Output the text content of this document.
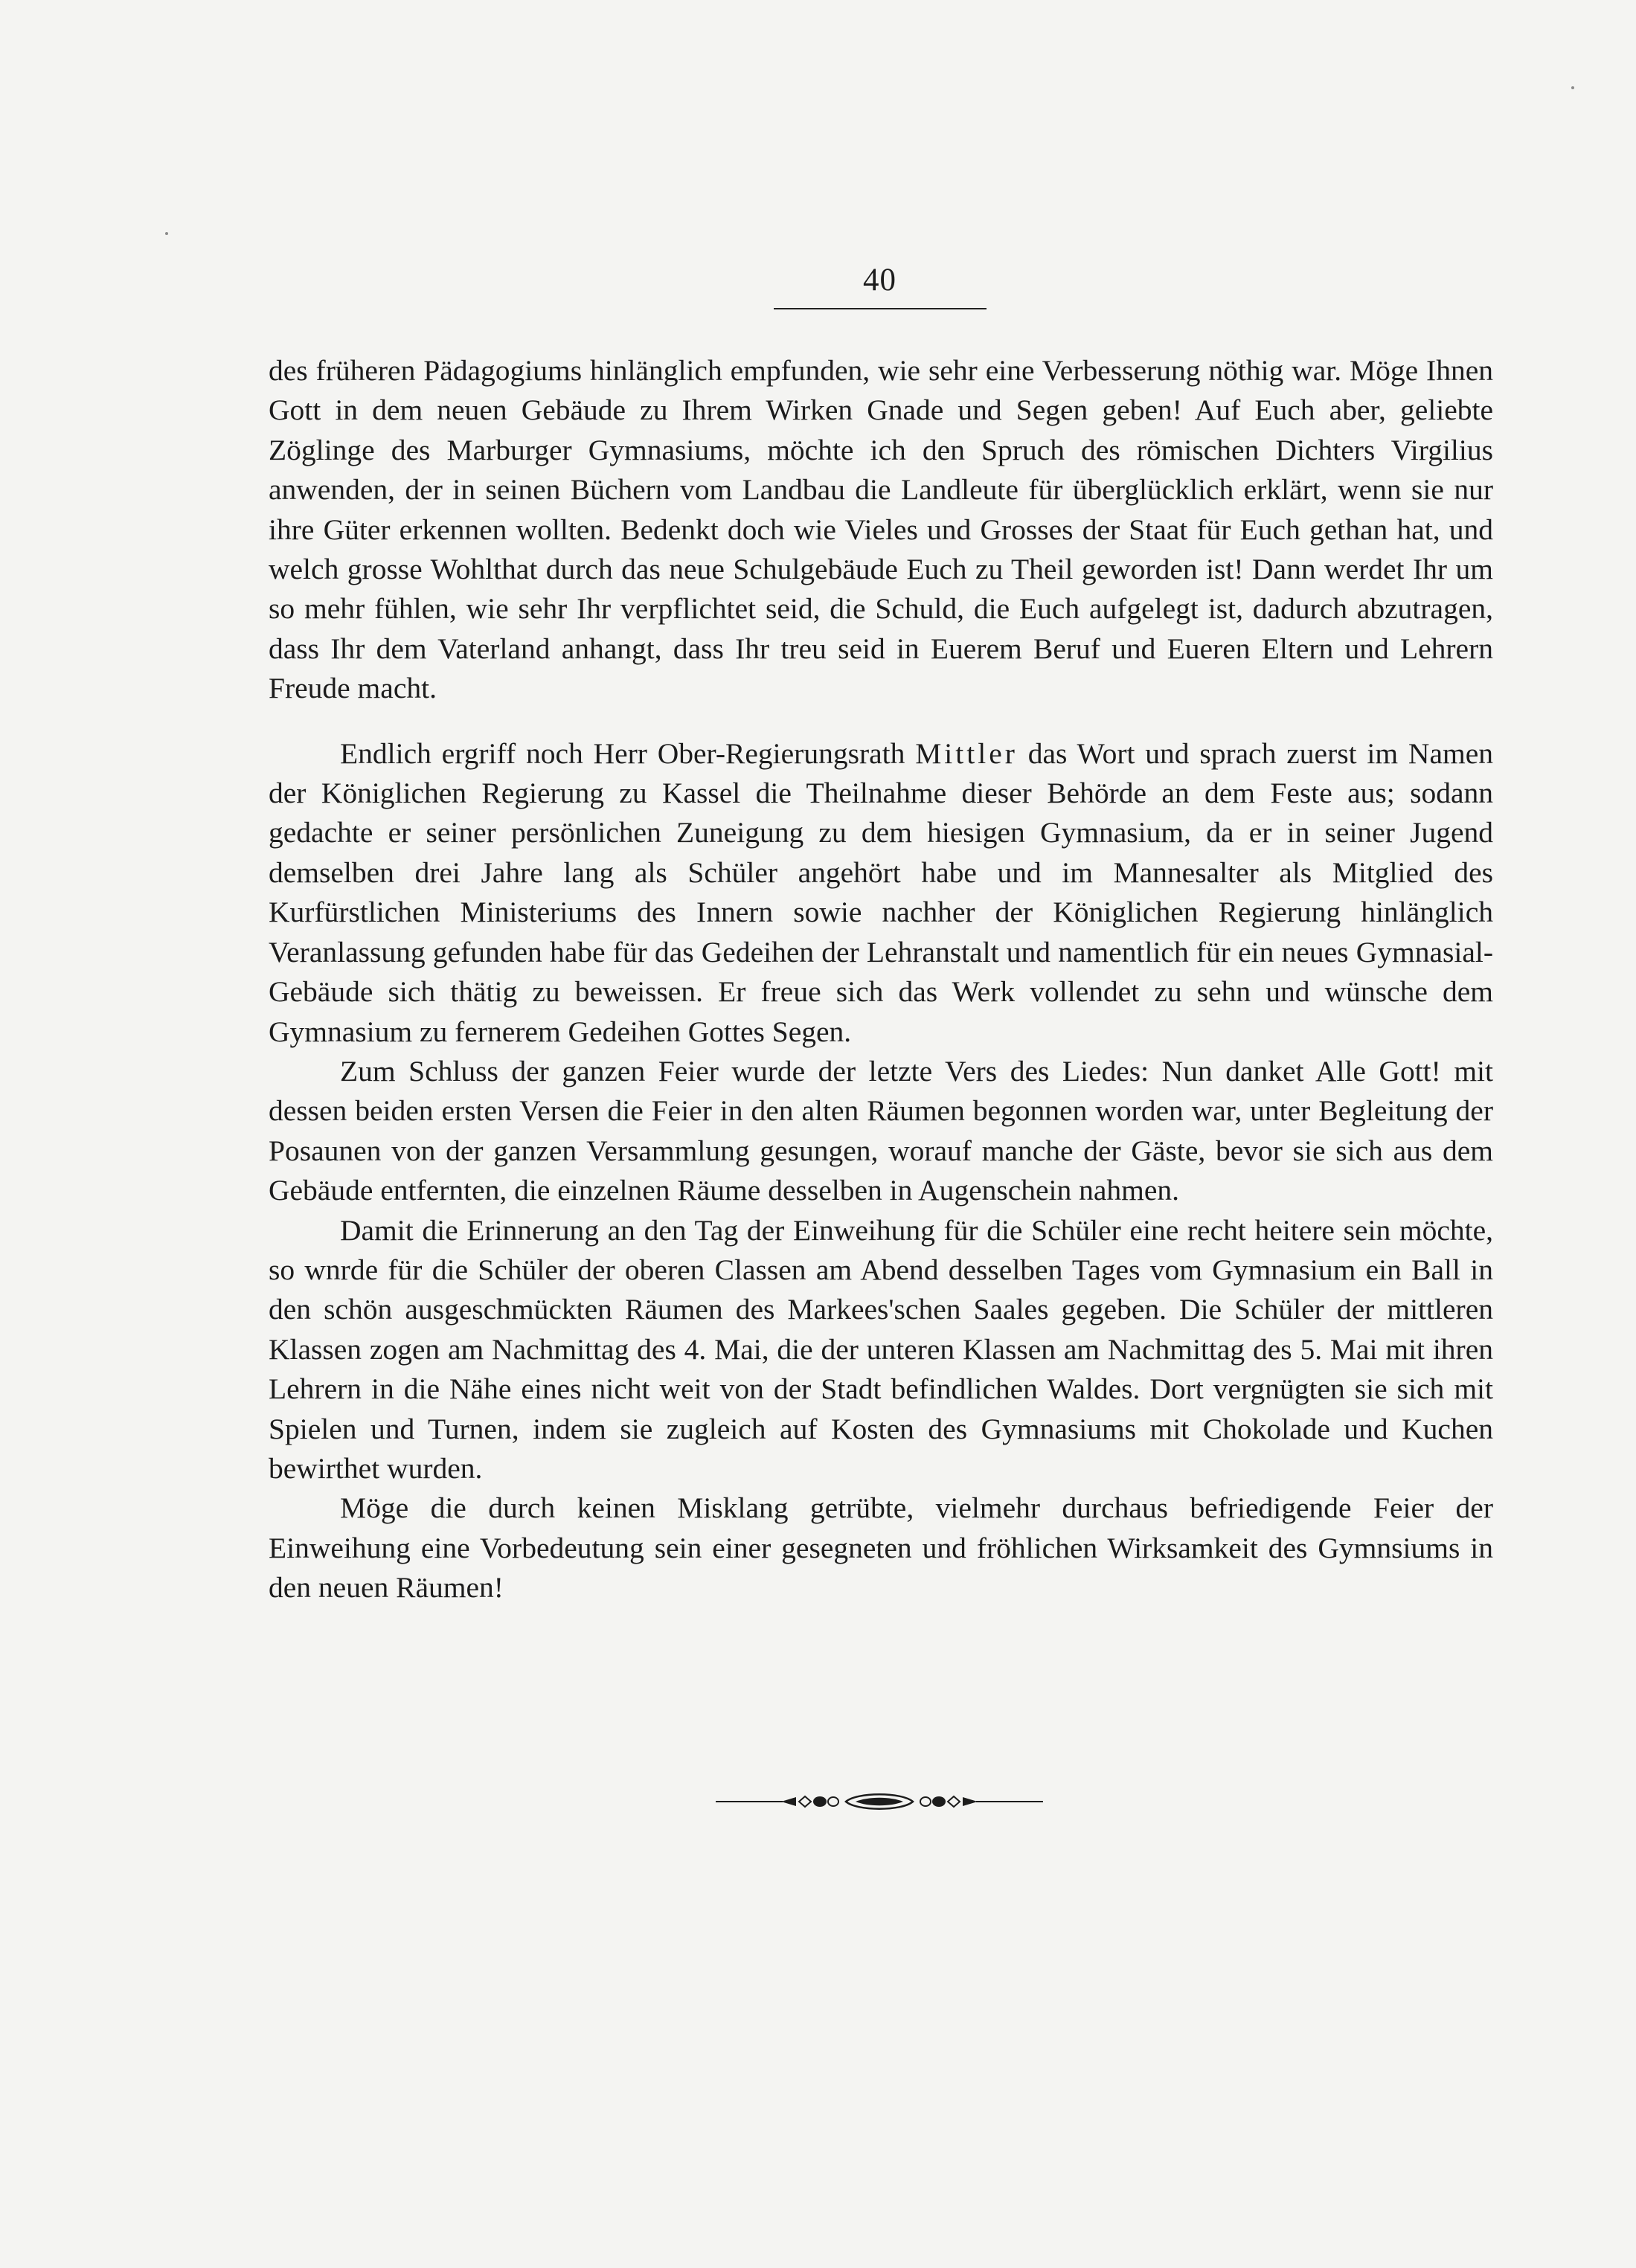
40

des früheren Pädagogiums hinlänglich empfunden, wie sehr eine Verbesserung nöthig war. Möge Ihnen Gott in dem neuen Gebäude zu Ihrem Wirken Gnade und Segen geben! Auf Euch aber, geliebte Zöglinge des Marburger Gymnasiums, möchte ich den Spruch des römischen Dichters Virgilius anwenden, der in seinen Büchern vom Landbau die Landleute für überglücklich erklärt, wenn sie nur ihre Güter erkennen wollten. Bedenkt doch wie Vieles und Grosses der Staat für Euch gethan hat, und welch grosse Wohlthat durch das neue Schulgebäude Euch zu Theil geworden ist! Dann werdet Ihr um so mehr fühlen, wie sehr Ihr verpflichtet seid, die Schuld, die Euch aufgelegt ist, dadurch abzutragen, dass Ihr dem Vaterland anhangt, dass Ihr treu seid in Euerem Beruf und Eueren Eltern und Lehrern Freude macht.

Endlich ergriff noch Herr Ober-Regierungsrath Mittler das Wort und sprach zuerst im Namen der Königlichen Regierung zu Kassel die Theilnahme dieser Behörde an dem Feste aus; sodann gedachte er seiner persönlichen Zuneigung zu dem hiesigen Gymnasium, da er in seiner Jugend demselben drei Jahre lang als Schüler angehört habe und im Mannesalter als Mitglied des Kurfürstlichen Ministeriums des Innern sowie nachher der Königlichen Regierung hinlänglich Veranlassung gefunden habe für das Gedeihen der Lehranstalt und namentlich für ein neues Gymnasial-Gebäude sich thätig zu beweissen. Er freue sich das Werk vollendet zu sehn und wünsche dem Gymnasium zu fernerem Gedeihen Gottes Segen.

Zum Schluss der ganzen Feier wurde der letzte Vers des Liedes: Nun danket Alle Gott! mit dessen beiden ersten Versen die Feier in den alten Räumen begonnen worden war, unter Begleitung der Posaunen von der ganzen Versammlung gesungen, worauf manche der Gäste, bevor sie sich aus dem Gebäude entfernten, die einzelnen Räume desselben in Augenschein nahmen.

Damit die Erinnerung an den Tag der Einweihung für die Schüler eine recht heitere sein möchte, so wnrde für die Schüler der oberen Classen am Abend desselben Tages vom Gymnasium ein Ball in den schön ausgeschmückten Räumen des Markees'schen Saales gegeben. Die Schüler der mittleren Klassen zogen am Nachmittag des 4. Mai, die der unteren Klassen am Nachmittag des 5. Mai mit ihren Lehrern in die Nähe eines nicht weit von der Stadt befindlichen Waldes. Dort vergnügten sie sich mit Spielen und Turnen, indem sie zugleich auf Kosten des Gymnasiums mit Chokolade und Kuchen bewirthet wurden.

Möge die durch keinen Misklang getrübte, vielmehr durchaus befriedigende Feier der Einweihung eine Vorbedeutung sein einer gesegneten und fröhlichen Wirksamkeit des Gymnsiums in den neuen Räumen!
